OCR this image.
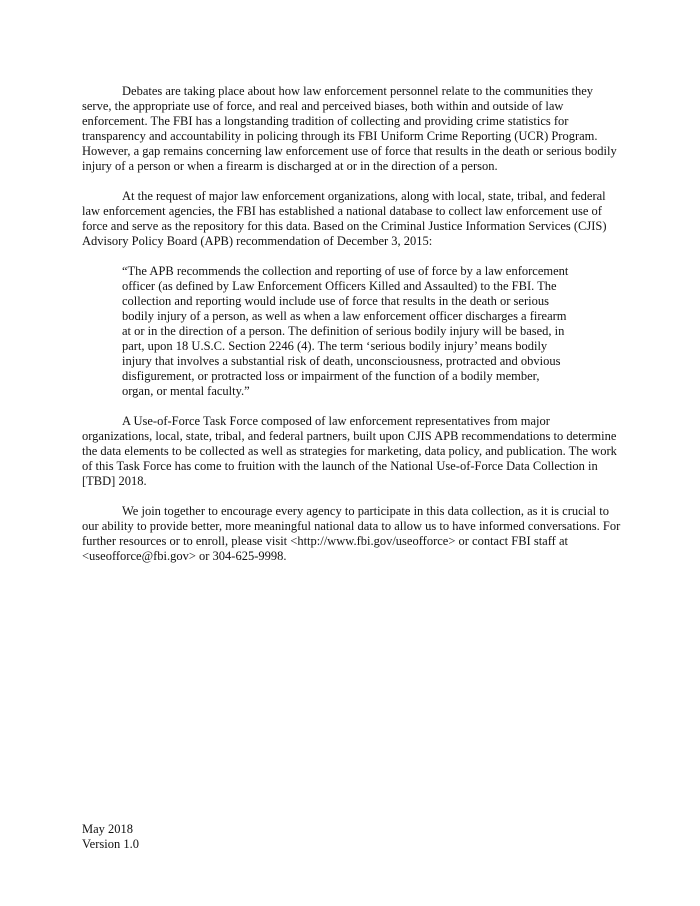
Debates are taking place about how law enforcement personnel relate to the communities they serve, the appropriate use of force, and real and perceived biases, both within and outside of law enforcement. The FBI has a longstanding tradition of collecting and providing crime statistics for transparency and accountability in policing through its FBI Uniform Crime Reporting (UCR) Program. However, a gap remains concerning law enforcement use of force that results in the death or serious bodily injury of a person or when a firearm is discharged at or in the direction of a person.

At the request of major law enforcement organizations, along with local, state, tribal, and federal law enforcement agencies, the FBI has established a national database to collect law enforcement use of force and serve as the repository for this data. Based on the Criminal Justice Information Services (CJIS) Advisory Policy Board (APB) recommendation of December 3, 2015:

“The APB recommends the collection and reporting of use of force by a law enforcement officer (as defined by Law Enforcement Officers Killed and Assaulted) to the FBI. The collection and reporting would include use of force that results in the death or serious bodily injury of a person, as well as when a law enforcement officer discharges a firearm at or in the direction of a person. The definition of serious bodily injury will be based, in part, upon 18 U.S.C. Section 2246 (4). The term ‘serious bodily injury’ means bodily injury that involves a substantial risk of death, unconsciousness, protracted and obvious disfigurement, or protracted loss or impairment of the function of a bodily member, organ, or mental faculty.”

A Use-of-Force Task Force composed of law enforcement representatives from major organizations, local, state, tribal, and federal partners, built upon CJIS APB recommendations to determine the data elements to be collected as well as strategies for marketing, data policy, and publication. The work of this Task Force has come to fruition with the launch of the National Use-of-Force Data Collection in [TBD] 2018.

We join together to encourage every agency to participate in this data collection, as it is crucial to our ability to provide better, more meaningful national data to allow us to have informed conversations. For further resources or to enroll, please visit <http://www.fbi.gov/useofforce> or contact FBI staff at <useofforce@fbi.gov> or 304-625-9998.

May 2018
Version 1.0
